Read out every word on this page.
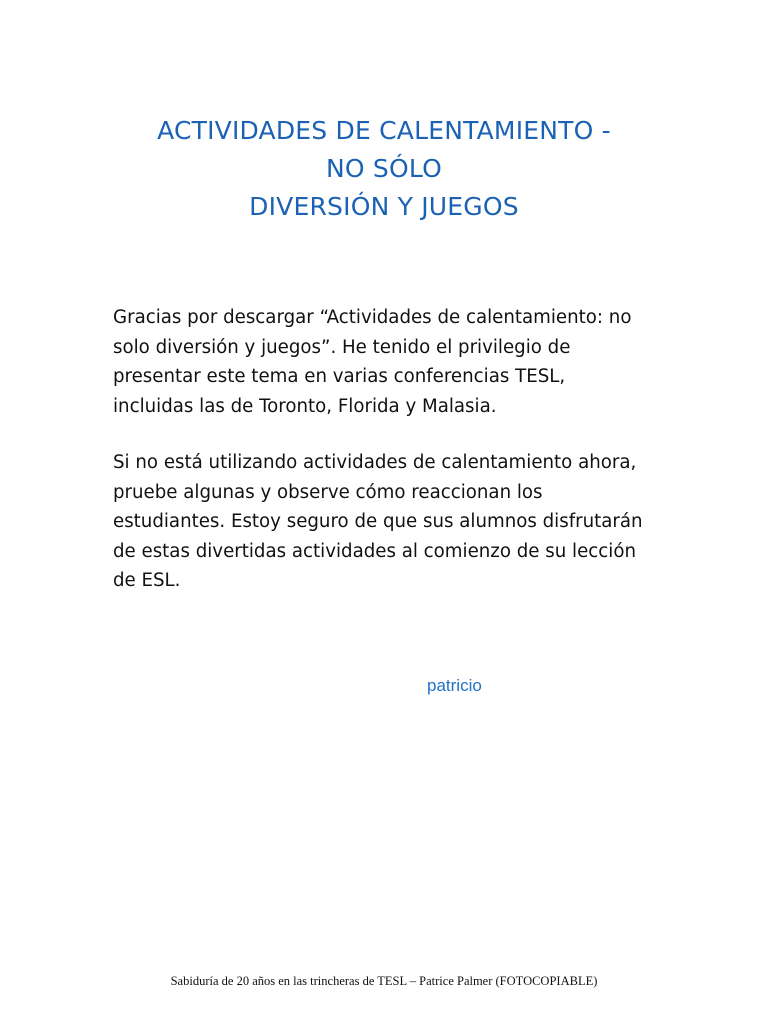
ACTIVIDADES DE CALENTAMIENTO -
NO SÓLO
DIVERSIÓN Y JUEGOS
Gracias por descargar “Actividades de calentamiento: no
solo diversión y juegos”. He tenido el privilegio de
presentar este tema en varias conferencias TESL,
incluidas las de Toronto, Florida y Malasia.
Si no está utilizando actividades de calentamiento ahora,
pruebe algunas y observe cómo reaccionan los
estudiantes. Estoy seguro de que sus alumnos disfrutarán
de estas divertidas actividades al comienzo de su lección
de ESL.
patricio
Sabiduría de 20 años en las trincheras de TESL – Patrice Palmer (FOTOCOPIABLE)
